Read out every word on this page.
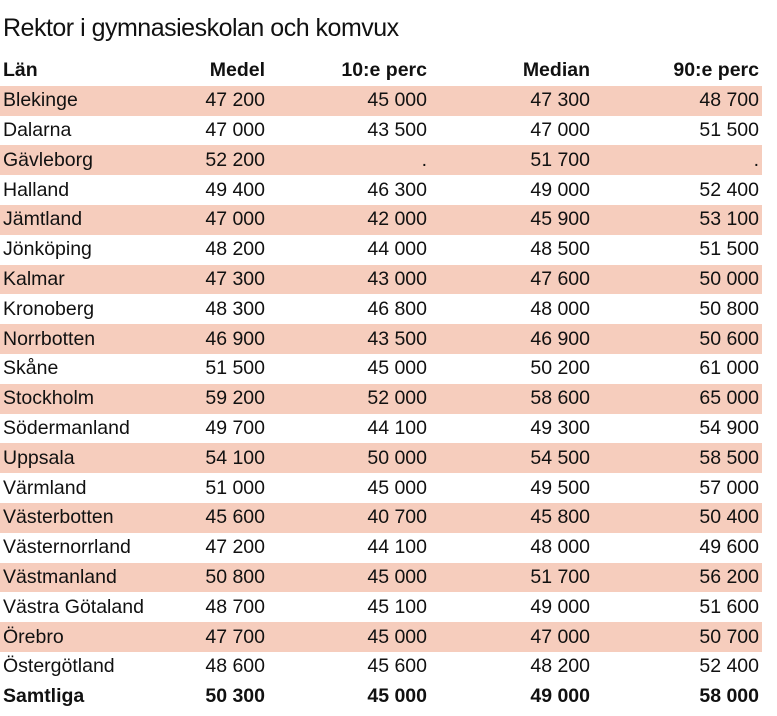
Rektor i gymnasieskolan och komvux
Län	Medel	10:e perc	Median	90:e perc
Blekinge	47 200	45 000	47 300	48 700
Dalarna	47 000	43 500	47 000	51 500
Gävleborg	52 200	.	51 700	.
Halland	49 400	46 300	49 000	52 400
Jämtland	47 000	42 000	45 900	53 100
Jönköping	48 200	44 000	48 500	51 500
Kalmar	47 300	43 000	47 600	50 000
Kronoberg	48 300	46 800	48 000	50 800
Norrbotten	46 900	43 500	46 900	50 600
Skåne	51 500	45 000	50 200	61 000
Stockholm	59 200	52 000	58 600	65 000
Södermanland	49 700	44 100	49 300	54 900
Uppsala	54 100	50 000	54 500	58 500
Värmland	51 000	45 000	49 500	57 000
Västerbotten	45 600	40 700	45 800	50 400
Västernorrland	47 200	44 100	48 000	49 600
Västmanland	50 800	45 000	51 700	56 200
Västra Götaland	48 700	45 100	49 000	51 600
Örebro	47 700	45 000	47 000	50 700
Östergötland	48 600	45 600	48 200	52 400
Samtliga	50 300	45 000	49 000	58 000
